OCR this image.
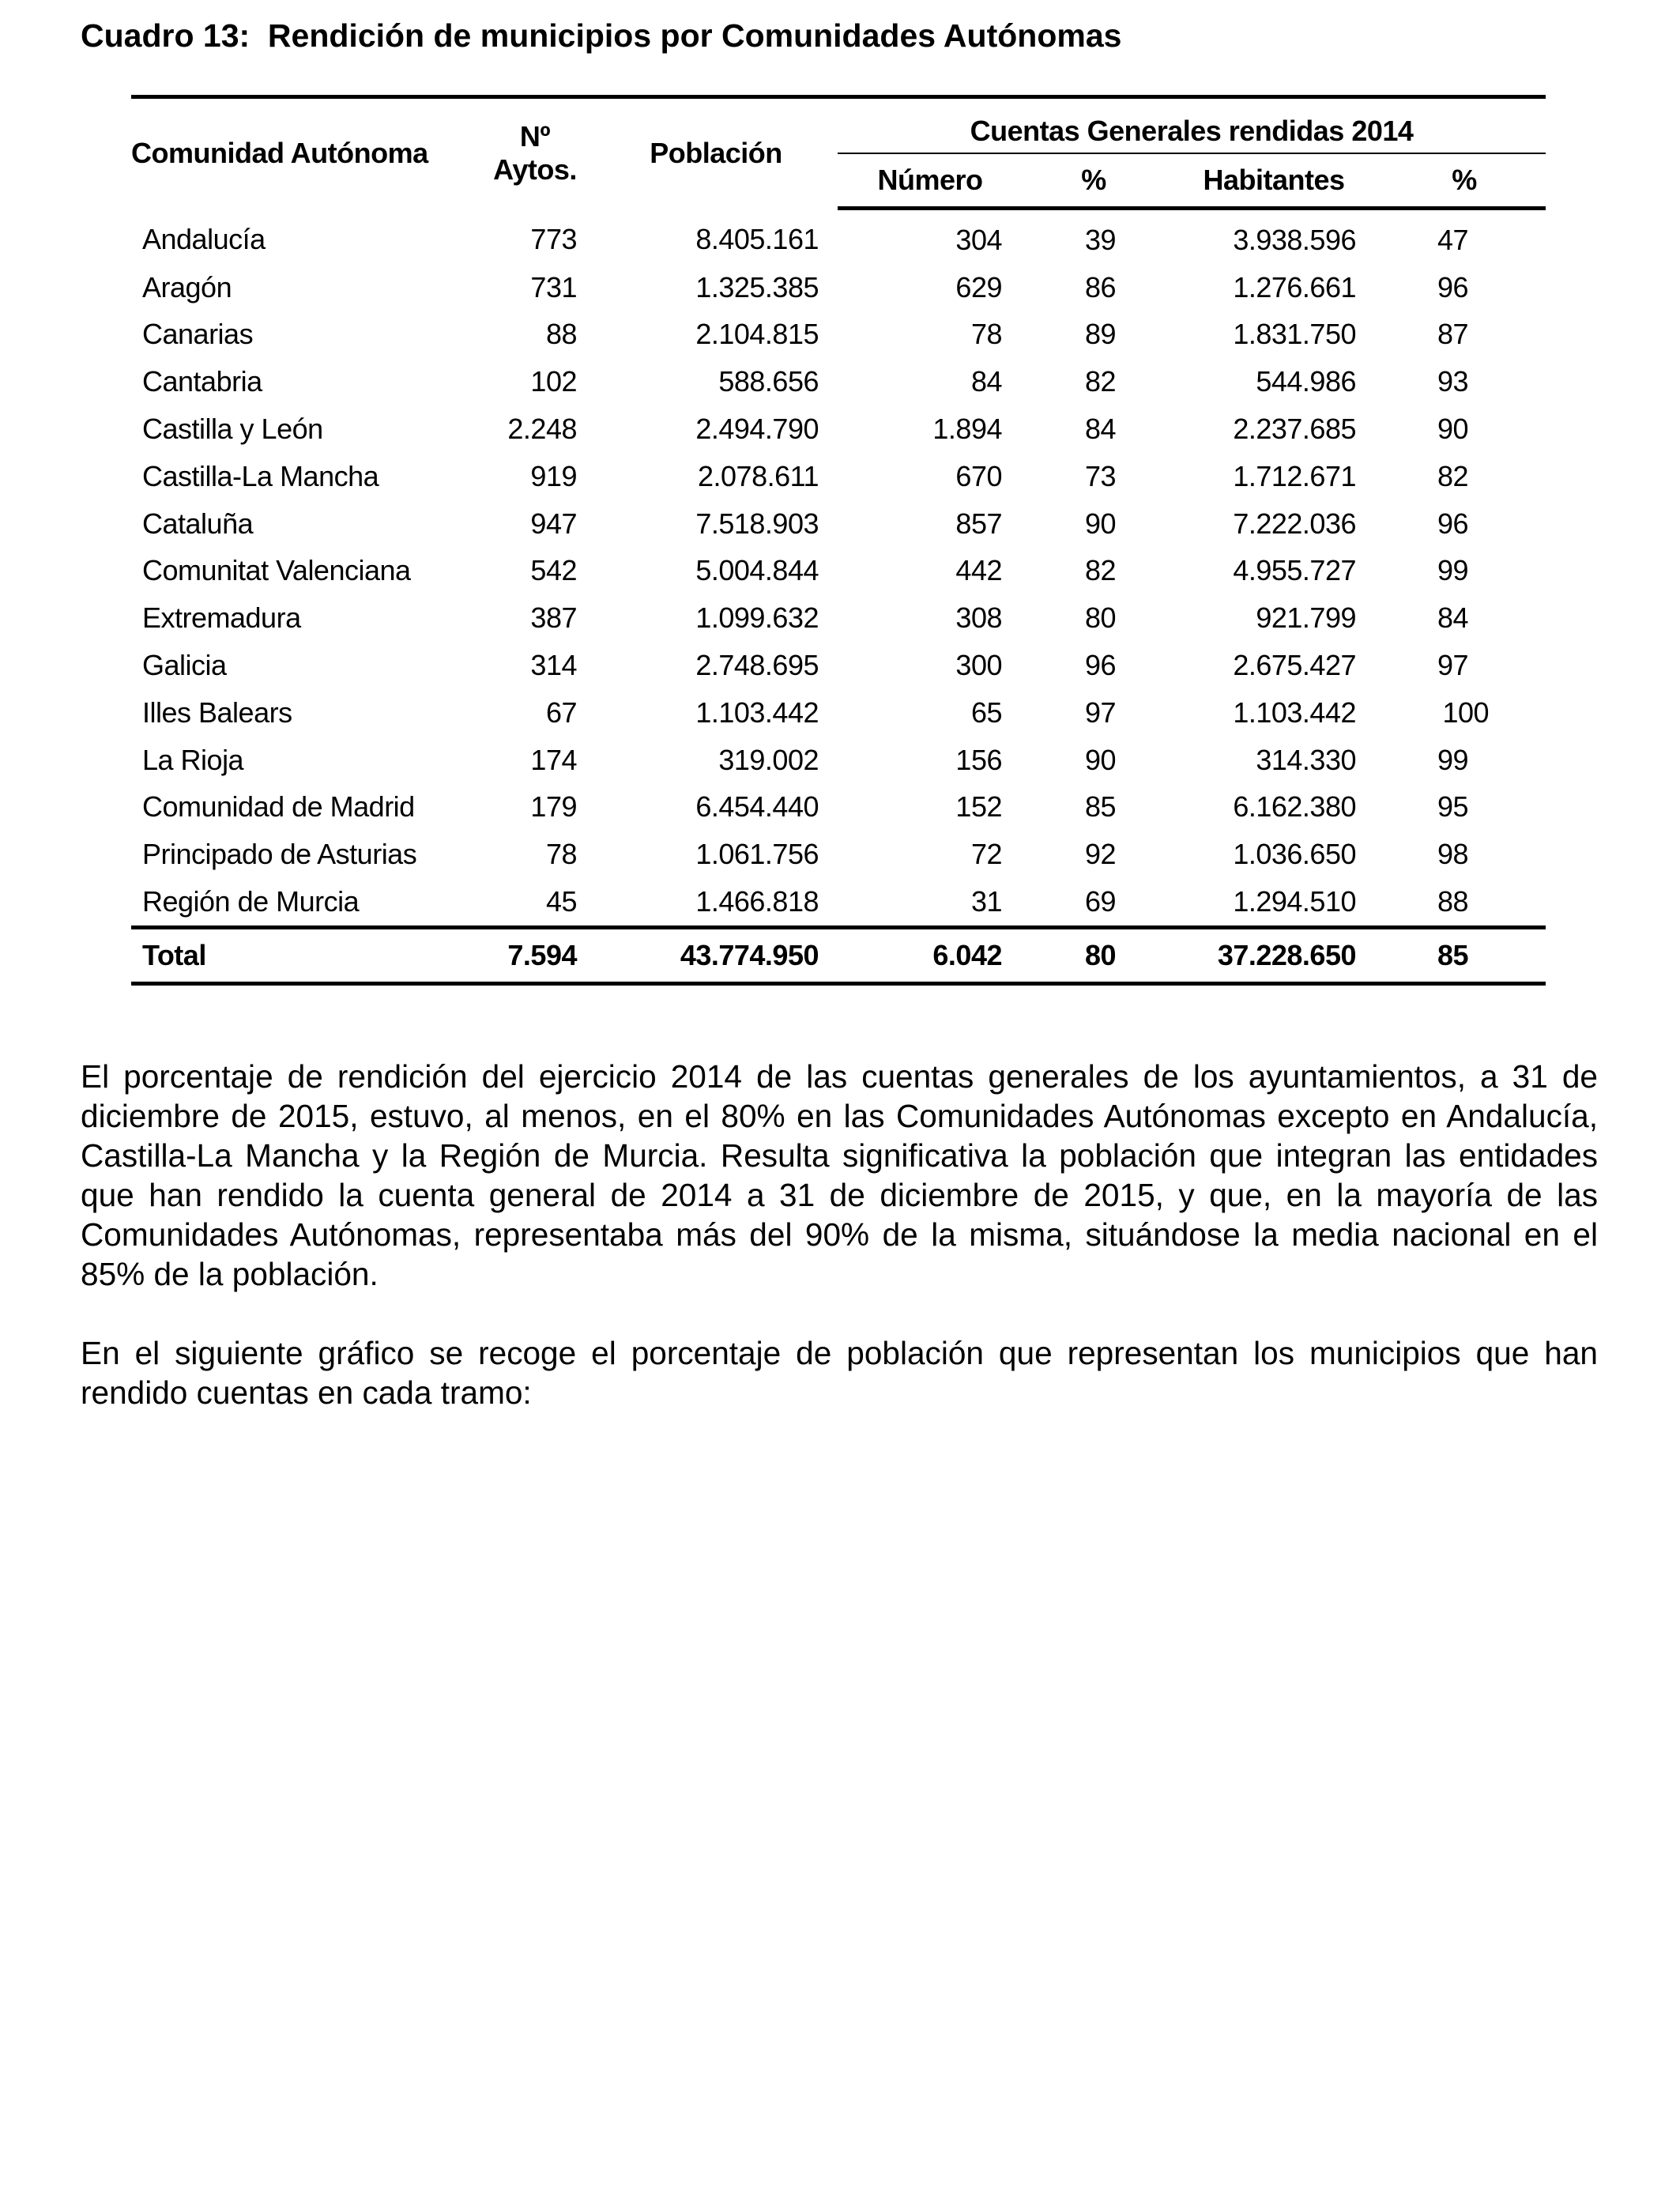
Cuadro 13:  Rendición de municipios por Comunidades Autónomas
Comunidad Autónoma	Nº Aytos.	Población	Cuentas Generales rendidas 2014			
			Número	%	Habitantes	%
Andalucía	773	8.405.161	304	39	3.938.596	47
Aragón	731	1.325.385	629	86	1.276.661	96
Canarias	88	2.104.815	78	89	1.831.750	87
Cantabria	102	588.656	84	82	544.986	93
Castilla y León	2.248	2.494.790	1.894	84	2.237.685	90
Castilla-La Mancha	919	2.078.611	670	73	1.712.671	82
Cataluña	947	7.518.903	857	90	7.222.036	96
Comunitat Valenciana	542	5.004.844	442	82	4.955.727	99
Extremadura	387	1.099.632	308	80	921.799	84
Galicia	314	2.748.695	300	96	2.675.427	97
Illes Balears	67	1.103.442	65	97	1.103.442	100
La Rioja	174	319.002	156	90	314.330	99
Comunidad de Madrid	179	6.454.440	152	85	6.162.380	95
Principado de Asturias	78	1.061.756	72	92	1.036.650	98
Región de Murcia	45	1.466.818	31	69	1.294.510	88
Total	7.594	43.774.950	6.042	80	37.228.650	85

El porcentaje de rendición del ejercicio 2014 de las cuentas generales de los ayuntamientos, a 31 de diciembre de 2015, estuvo, al menos, en el 80% en las Comunidades Autónomas excepto en Andalucía, Castilla-La Mancha y la Región de Murcia. Resulta significativa la población que integran las entidades que han rendido la cuenta general de 2014 a 31 de diciembre de 2015, y que, en la mayoría de las Comunidades Autónomas, representaba más del 90% de la misma, situándose la media nacional en el 85% de la población.

En el siguiente gráfico se recoge el porcentaje de población que representan los municipios que han rendido cuentas en cada tramo:
